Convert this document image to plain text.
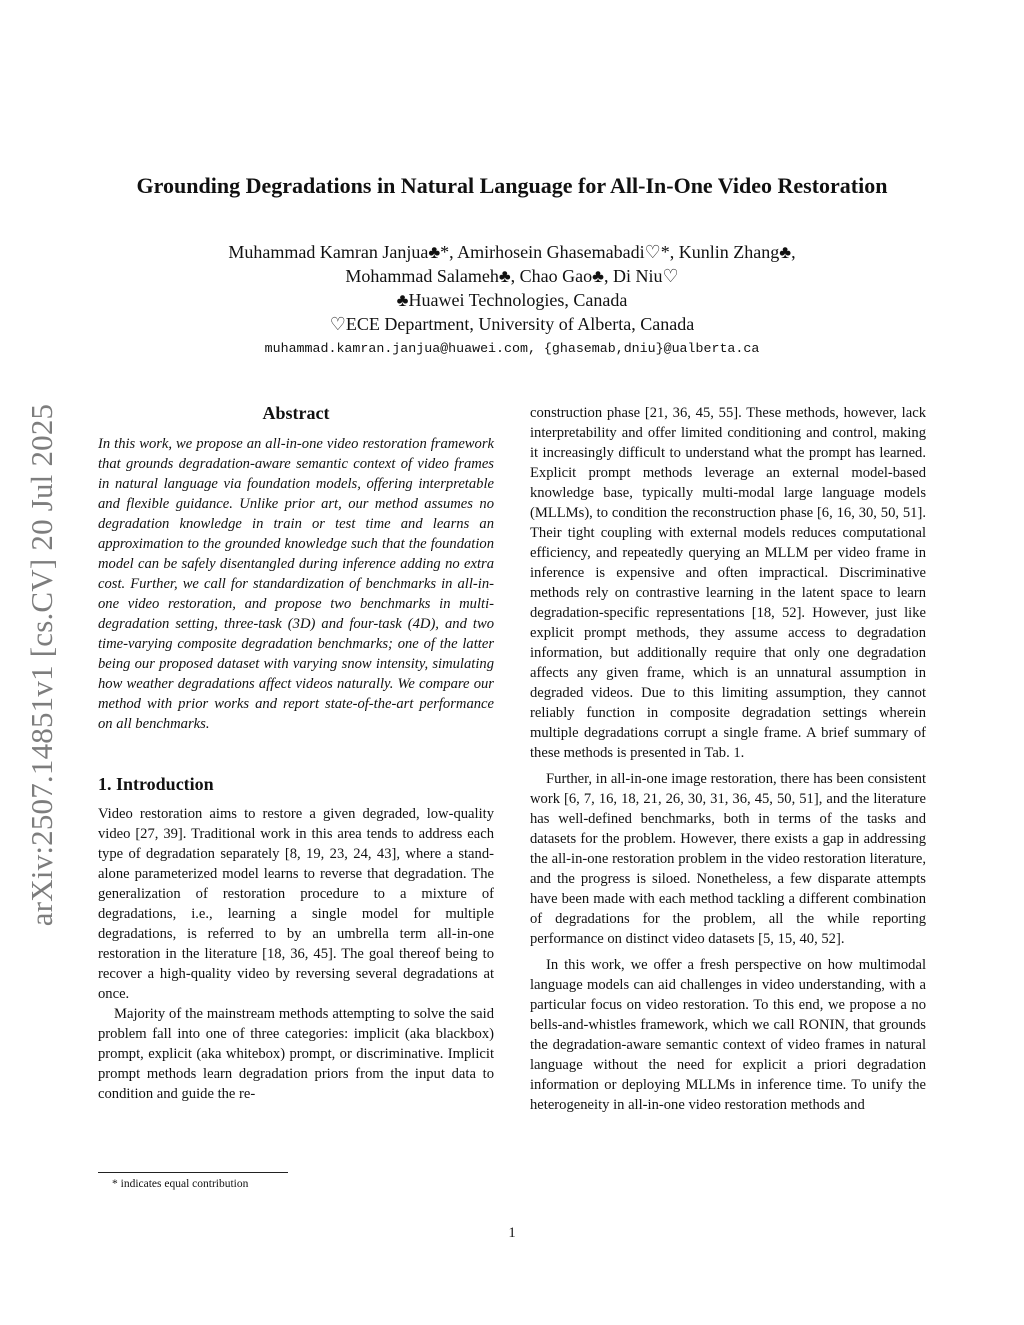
arXiv:2507.14851v1 [cs.CV] 20 Jul 2025
Grounding Degradations in Natural Language for All-In-One Video Restoration
Muhammad Kamran Janjua♣*, Amirhosein Ghasemabadi♡*, Kunlin Zhang♣,
Mohammad Salameh♣, Chao Gao♣, Di Niu♡
♣Huawei Technologies, Canada
♡ECE Department, University of Alberta, Canada
muhammad.kamran.janjua@huawei.com, {ghasemab,dniu}@ualberta.ca
Abstract

In this work, we propose an all-in-one video restoration framework that grounds degradation-aware semantic context of video frames in natural language via foundation models, offering interpretable and flexible guidance. Unlike prior art, our method assumes no degradation knowledge in train or test time and learns an approximation to the grounded knowledge such that the foundation model can be safely disentangled during inference adding no extra cost. Further, we call for standardization of benchmarks in all-in-one video restoration, and propose two benchmarks in multi-degradation setting, three-task (3D) and four-task (4D), and two time-varying composite degradation benchmarks; one of the latter being our proposed dataset with varying snow intensity, simulating how weather degradations affect videos naturally. We compare our method with prior works and report state-of-the-art performance on all benchmarks.

1. Introduction

Video restoration aims to restore a given degraded, low-quality video [27, 39]. Traditional work in this area tends to address each type of degradation separately [8, 19, 23, 24, 43], where a stand-alone parameterized model learns to reverse that degradation. The generalization of restoration procedure to a mixture of degradations, i.e., learning a single model for multiple degradations, is referred to by an umbrella term all-in-one restoration in the literature [18, 36, 45]. The goal thereof being to recover a high-quality video by reversing several degradations at once.

Majority of the mainstream methods attempting to solve the said problem fall into one of three categories: implicit (aka blackbox) prompt, explicit (aka whitebox) prompt, or discriminative. Implicit prompt methods learn degradation priors from the input data to condition and guide the re-

construction phase [21, 36, 45, 55]. These methods, however, lack interpretability and offer limited conditioning and control, making it increasingly difficult to understand what the prompt has learned. Explicit prompt methods leverage an external model-based knowledge base, typically multi-modal large language models (MLLMs), to condition the reconstruction phase [6, 16, 30, 50, 51]. Their tight coupling with external models reduces computational efficiency, and repeatedly querying an MLLM per video frame in inference is expensive and often impractical. Discriminative methods rely on contrastive learning in the latent space to learn degradation-specific representations [18, 52]. However, just like explicit prompt methods, they assume access to degradation information, but additionally require that only one degradation affects any given frame, which is an unnatural assumption in degraded videos. Due to this limiting assumption, they cannot reliably function in composite degradation settings wherein multiple degradations corrupt a single frame. A brief summary of these methods is presented in Tab. 1.

Further, in all-in-one image restoration, there has been consistent work [6, 7, 16, 18, 21, 26, 30, 31, 36, 45, 50, 51], and the literature has well-defined benchmarks, both in terms of the tasks and datasets for the problem. However, there exists a gap in addressing the all-in-one restoration problem in the video restoration literature, and the progress is siloed. Nonetheless, a few disparate attempts have been made with each method tackling a different combination of degradations for the problem, all the while reporting performance on distinct video datasets [5, 15, 40, 52].

In this work, we offer a fresh perspective on how multimodal language models can aid challenges in video understanding, with a particular focus on video restoration. To this end, we propose a no bells-and-whistles framework, which we call RONIN, that grounds the degradation-aware semantic context of video frames in natural language without the need for explicit a priori degradation information or deploying MLLMs in inference time. To unify the heterogeneity in all-in-one video restoration methods and

* indicates equal contribution
1
